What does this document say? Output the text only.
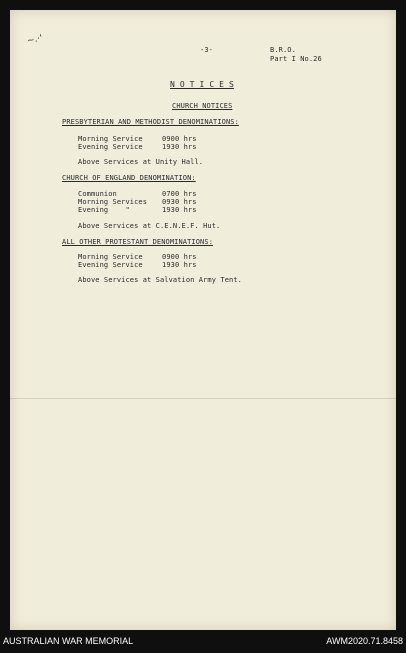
~.·'
-3-	B.R.O.
Part I No.26
N O T I C E S
CHURCH NOTICES
PRESBYTERIAN AND METHODIST DENOMINATIONS:
Morning Service	0900 hrs
Evening Service	1930 hrs
Above Services at Unity Hall.
CHURCH OF ENGLAND DENOMINATION:
Communion	0700 hrs
Morning Services 0930 hrs
Evening    "	1930 hrs
Above Services at C.E.N.E.F. Hut.
ALL OTHER PROTESTANT DENOMINATIONS:
Morning Service	0900 hrs
Evening Service	1930 hrs
Above Services at Salvation Army Tent.
AUSTRALIAN WAR MEMORIAL	AWM2020.71.8458
